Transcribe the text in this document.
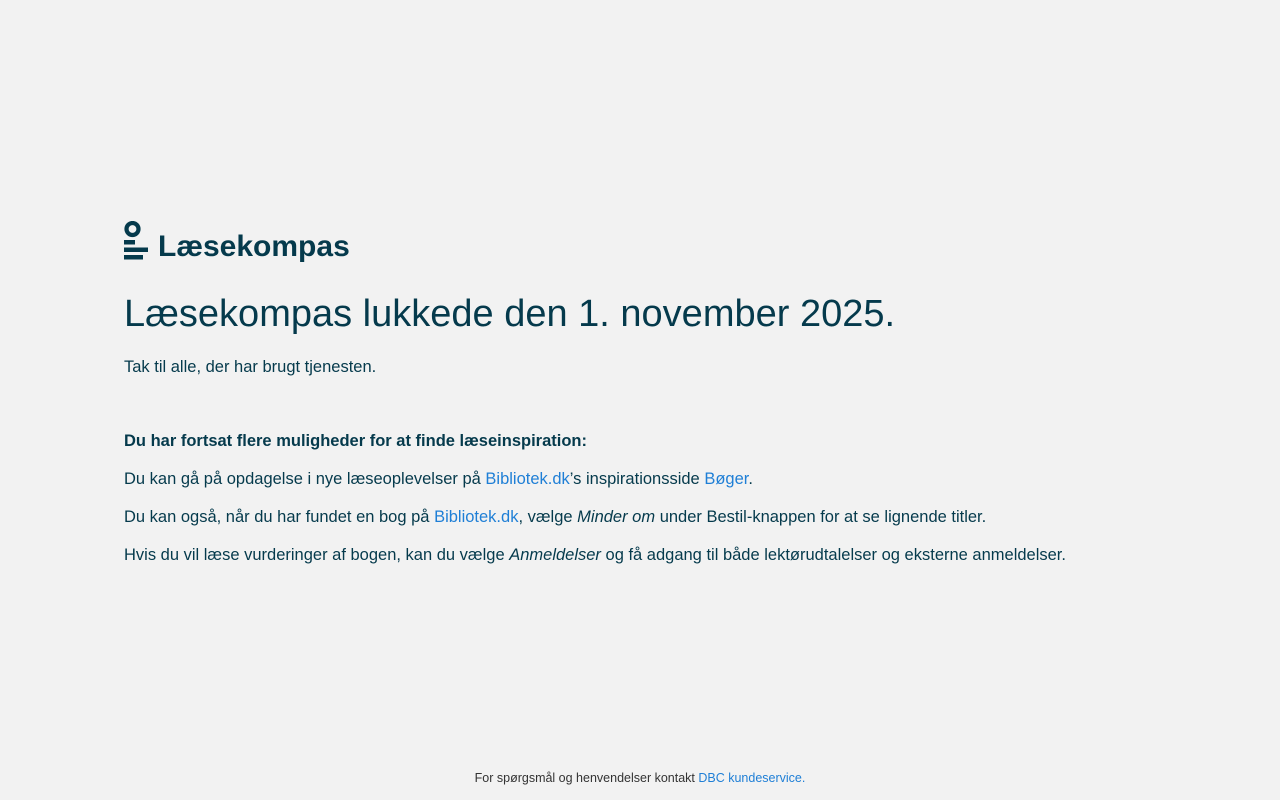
Læsekompas
Læsekompas lukkede den 1. november 2025.

Tak til alle, der har brugt tjenesten.

Du har fortsat flere muligheder for at finde læseinspiration:

Du kan gå på opdagelse i nye læseoplevelser på Bibliotek.dk’s inspirationsside Bøger.

Du kan også, når du har fundet en bog på Bibliotek.dk, vælge Minder om under Bestil-knappen for at se lignende titler.

Hvis du vil læse vurderinger af bogen, kan du vælge Anmeldelser og få adgang til både lektørudtalelser og eksterne anmeldelser.

For spørgsmål og henvendelser kontakt DBC kundeservice.
